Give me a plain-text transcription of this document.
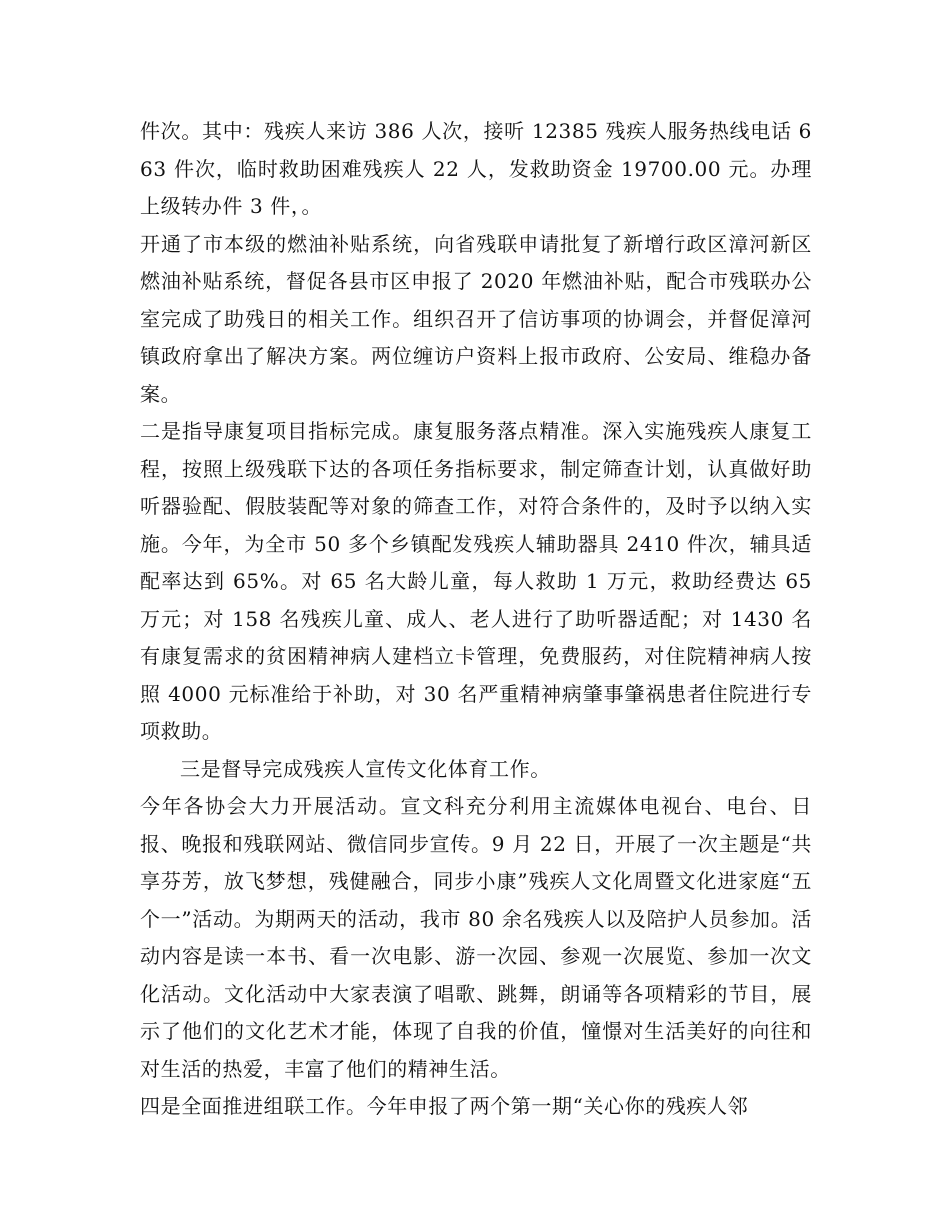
件次。其中：残疾人来访 386 人次，接听 12385 残疾人服务热线电话 663 件次，临时救助困难残疾人 22 人，发救助资金 19700.00 元。办理上级转办件 3 件，。

开通了市本级的燃油补贴系统，向省残联申请批复了新增行政区漳河新区燃油补贴系统，督促各县市区申报了 2020 年燃油补贴，配合市残联办公室完成了助残日的相关工作。组织召开了信访事项的协调会，并督促漳河镇政府拿出了解决方案。两位缠访户资料上报市政府、公安局、维稳办备案。

二是指导康复项目指标完成。康复服务落点精准。深入实施残疾人康复工程，按照上级残联下达的各项任务指标要求，制定筛查计划，认真做好助听器验配、假肢装配等对象的筛查工作，对符合条件的，及时予以纳入实施。今年，为全市 50 多个乡镇配发残疾人辅助器具 2410 件次，辅具适配率达到 65%。对 65 名大龄儿童，每人救助 1 万元，救助经费达 65 万元；对 158 名残疾儿童、成人、老人进行了助听器适配；对 1430 名有康复需求的贫困精神病人建档立卡管理，免费服药，对住院精神病人按照 4000 元标准给于补助，对 30 名严重精神病肇事肇祸患者住院进行专项救助。

三是督导完成残疾人宣传文化体育工作。

今年各协会大力开展活动。宣文科充分利用主流媒体电视台、电台、日报、晚报和残联网站、微信同步宣传。9 月 22 日，开展了一次主题是“共享芬芳，放飞梦想，残健融合，同步小康”残疾人文化周暨文化进家庭“五个一”活动。为期两天的活动，我市 80 余名残疾人以及陪护人员参加。活动内容是读一本书、看一次电影、游一次园、参观一次展览、参加一次文化活动。文化活动中大家表演了唱歌、跳舞，朗诵等各项精彩的节目，展示了他们的文化艺术才能，体现了自我的价值，憧憬对生活美好的向往和对生活的热爱，丰富了他们的精神生活。

四是全面推进组联工作。今年申报了两个第一期“关心你的残疾人邻
